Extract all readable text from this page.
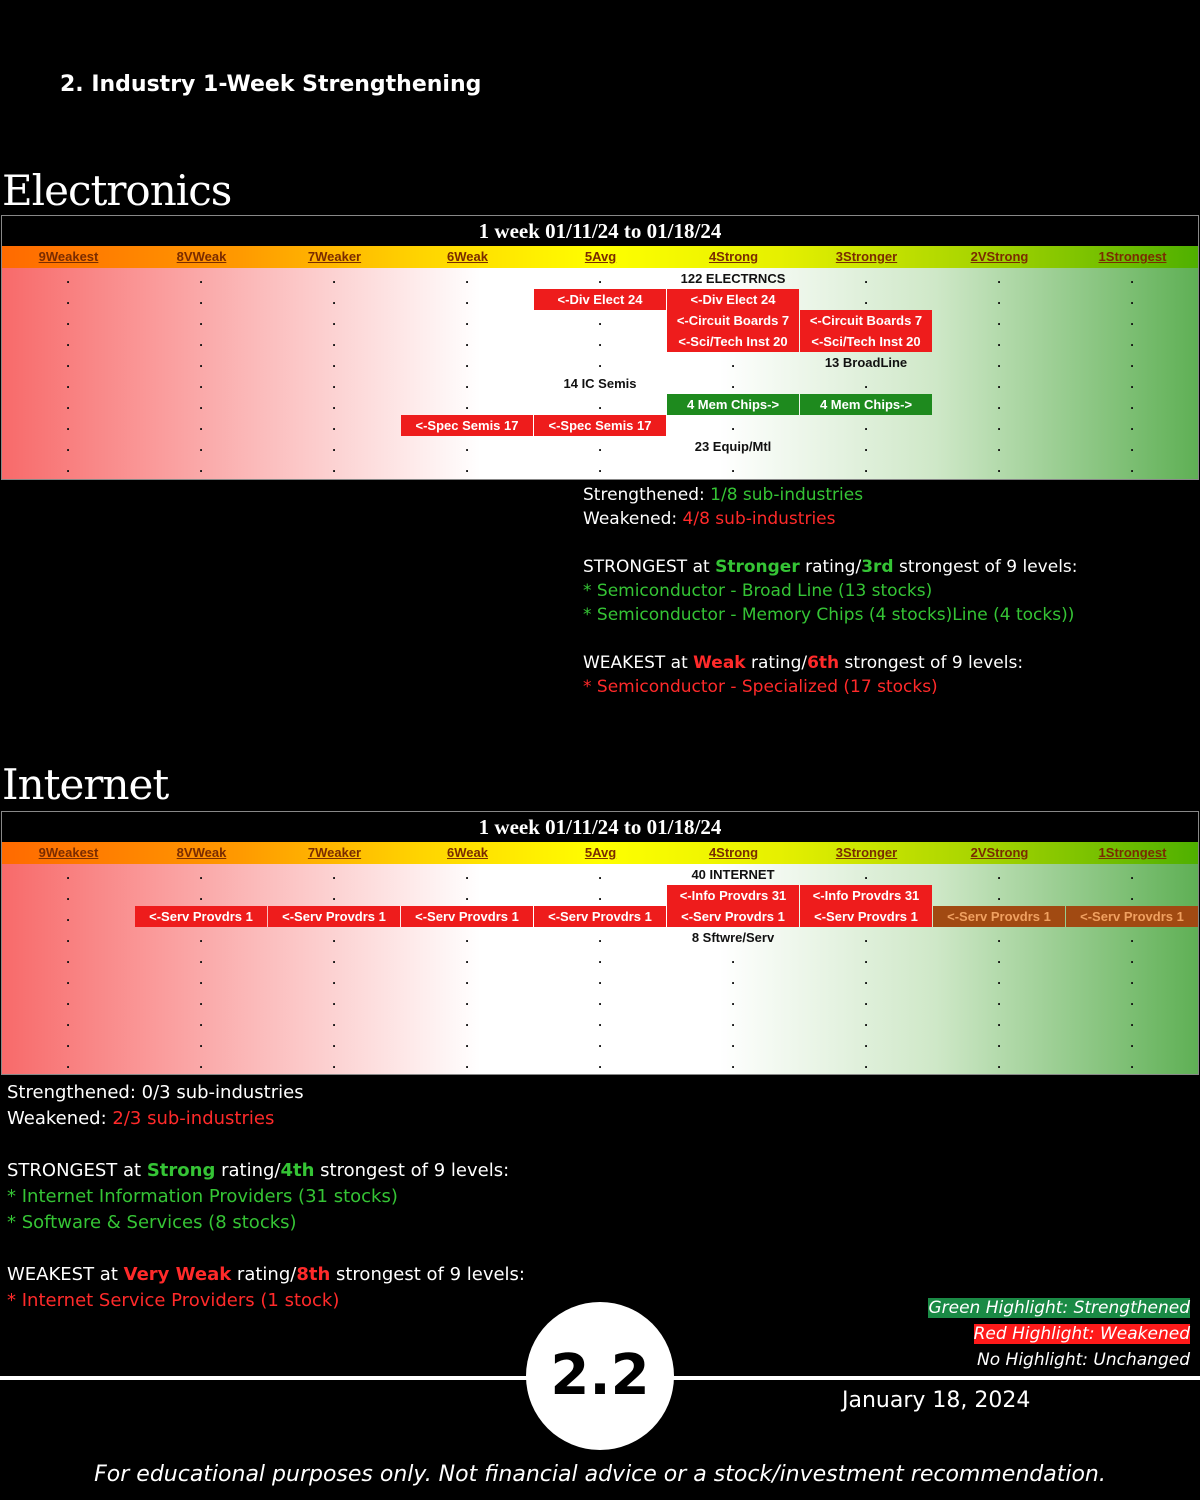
2. Industry 1-Week Strengthening
Electronics
1 week 01/11/24 to 01/18/24
9Weakest	8VWeak	7Weaker	6Weak	5Avg	4Strong	3Stronger	2VStrong	1Strongest
.	.	.	.	.	122 ELECTRNCS	.	.	.
.	.	.	.	<-Div Elect 24	<-Div Elect 24	.	.	.
.	.	.	.	.	<-Circuit Boards 7	<-Circuit Boards 7	.	.
.	.	.	.	.	<-Sci/Tech Inst 20	<-Sci/Tech Inst 20	.	.
.	.	.	.	.	.	13 BroadLine	.	.
.	.	.	.	14 IC Semis	.	.	.	.
.	.	.	.	.	4 Mem Chips->	4 Mem Chips->	.	.
.	.	.	<-Spec Semis 17	<-Spec Semis 17	.	.	.	.
.	.	.	.	.	23 Equip/Mtl	.	.	.
.	.	.	.	.	.	.	.	.
Strengthened: 1/8 sub-industries
Weakened: 4/8 sub-industries
STRONGEST at Stronger rating/3rd strongest of 9 levels:
* Semiconductor - Broad Line (13 stocks)
* Semiconductor - Memory Chips (4 stocks)Line (4 tocks))
WEAKEST at Weak rating/6th strongest of 9 levels:
* Semiconductor - Specialized (17 stocks)
Internet
1 week 01/11/24 to 01/18/24
9Weakest	8VWeak	7Weaker	6Weak	5Avg	4Strong	3Stronger	2VStrong	1Strongest
.	.	.	.	.	40 INTERNET	.	.	.
.	.	.	.	.	<-Info Provdrs 31	<-Info Provdrs 31	.	.
.	<-Serv Provdrs 1	<-Serv Provdrs 1	<-Serv Provdrs 1	<-Serv Provdrs 1	<-Serv Provdrs 1	<-Serv Provdrs 1	<-Serv Provdrs 1	<-Serv Provdrs 1
.	.	.	.	.	8 Sftwre/Serv	.	.	.
.	.	.	.	.	.	.	.	.
.	.	.	.	.	.	.	.	.
.	.	.	.	.	.	.	.	.
.	.	.	.	.	.	.	.	.
.	.	.	.	.	.	.	.	.
.	.	.	.	.	.	.	.	.
Strengthened: 0/3 sub-industries
Weakened: 2/3 sub-industries
STRONGEST at Strong rating/4th strongest of 9 levels:
* Internet Information Providers (31 stocks)
* Software & Services (8 stocks)
WEAKEST at Very Weak rating/8th strongest of 9 levels:
* Internet Service Providers (1 stock)	Green Highlight: Strengthened
Red Highlight: Weakened
No Highlight: Unchanged
2.2	January 18, 2024
For educational purposes only. Not financial advice or a stock/investment recommendation.
